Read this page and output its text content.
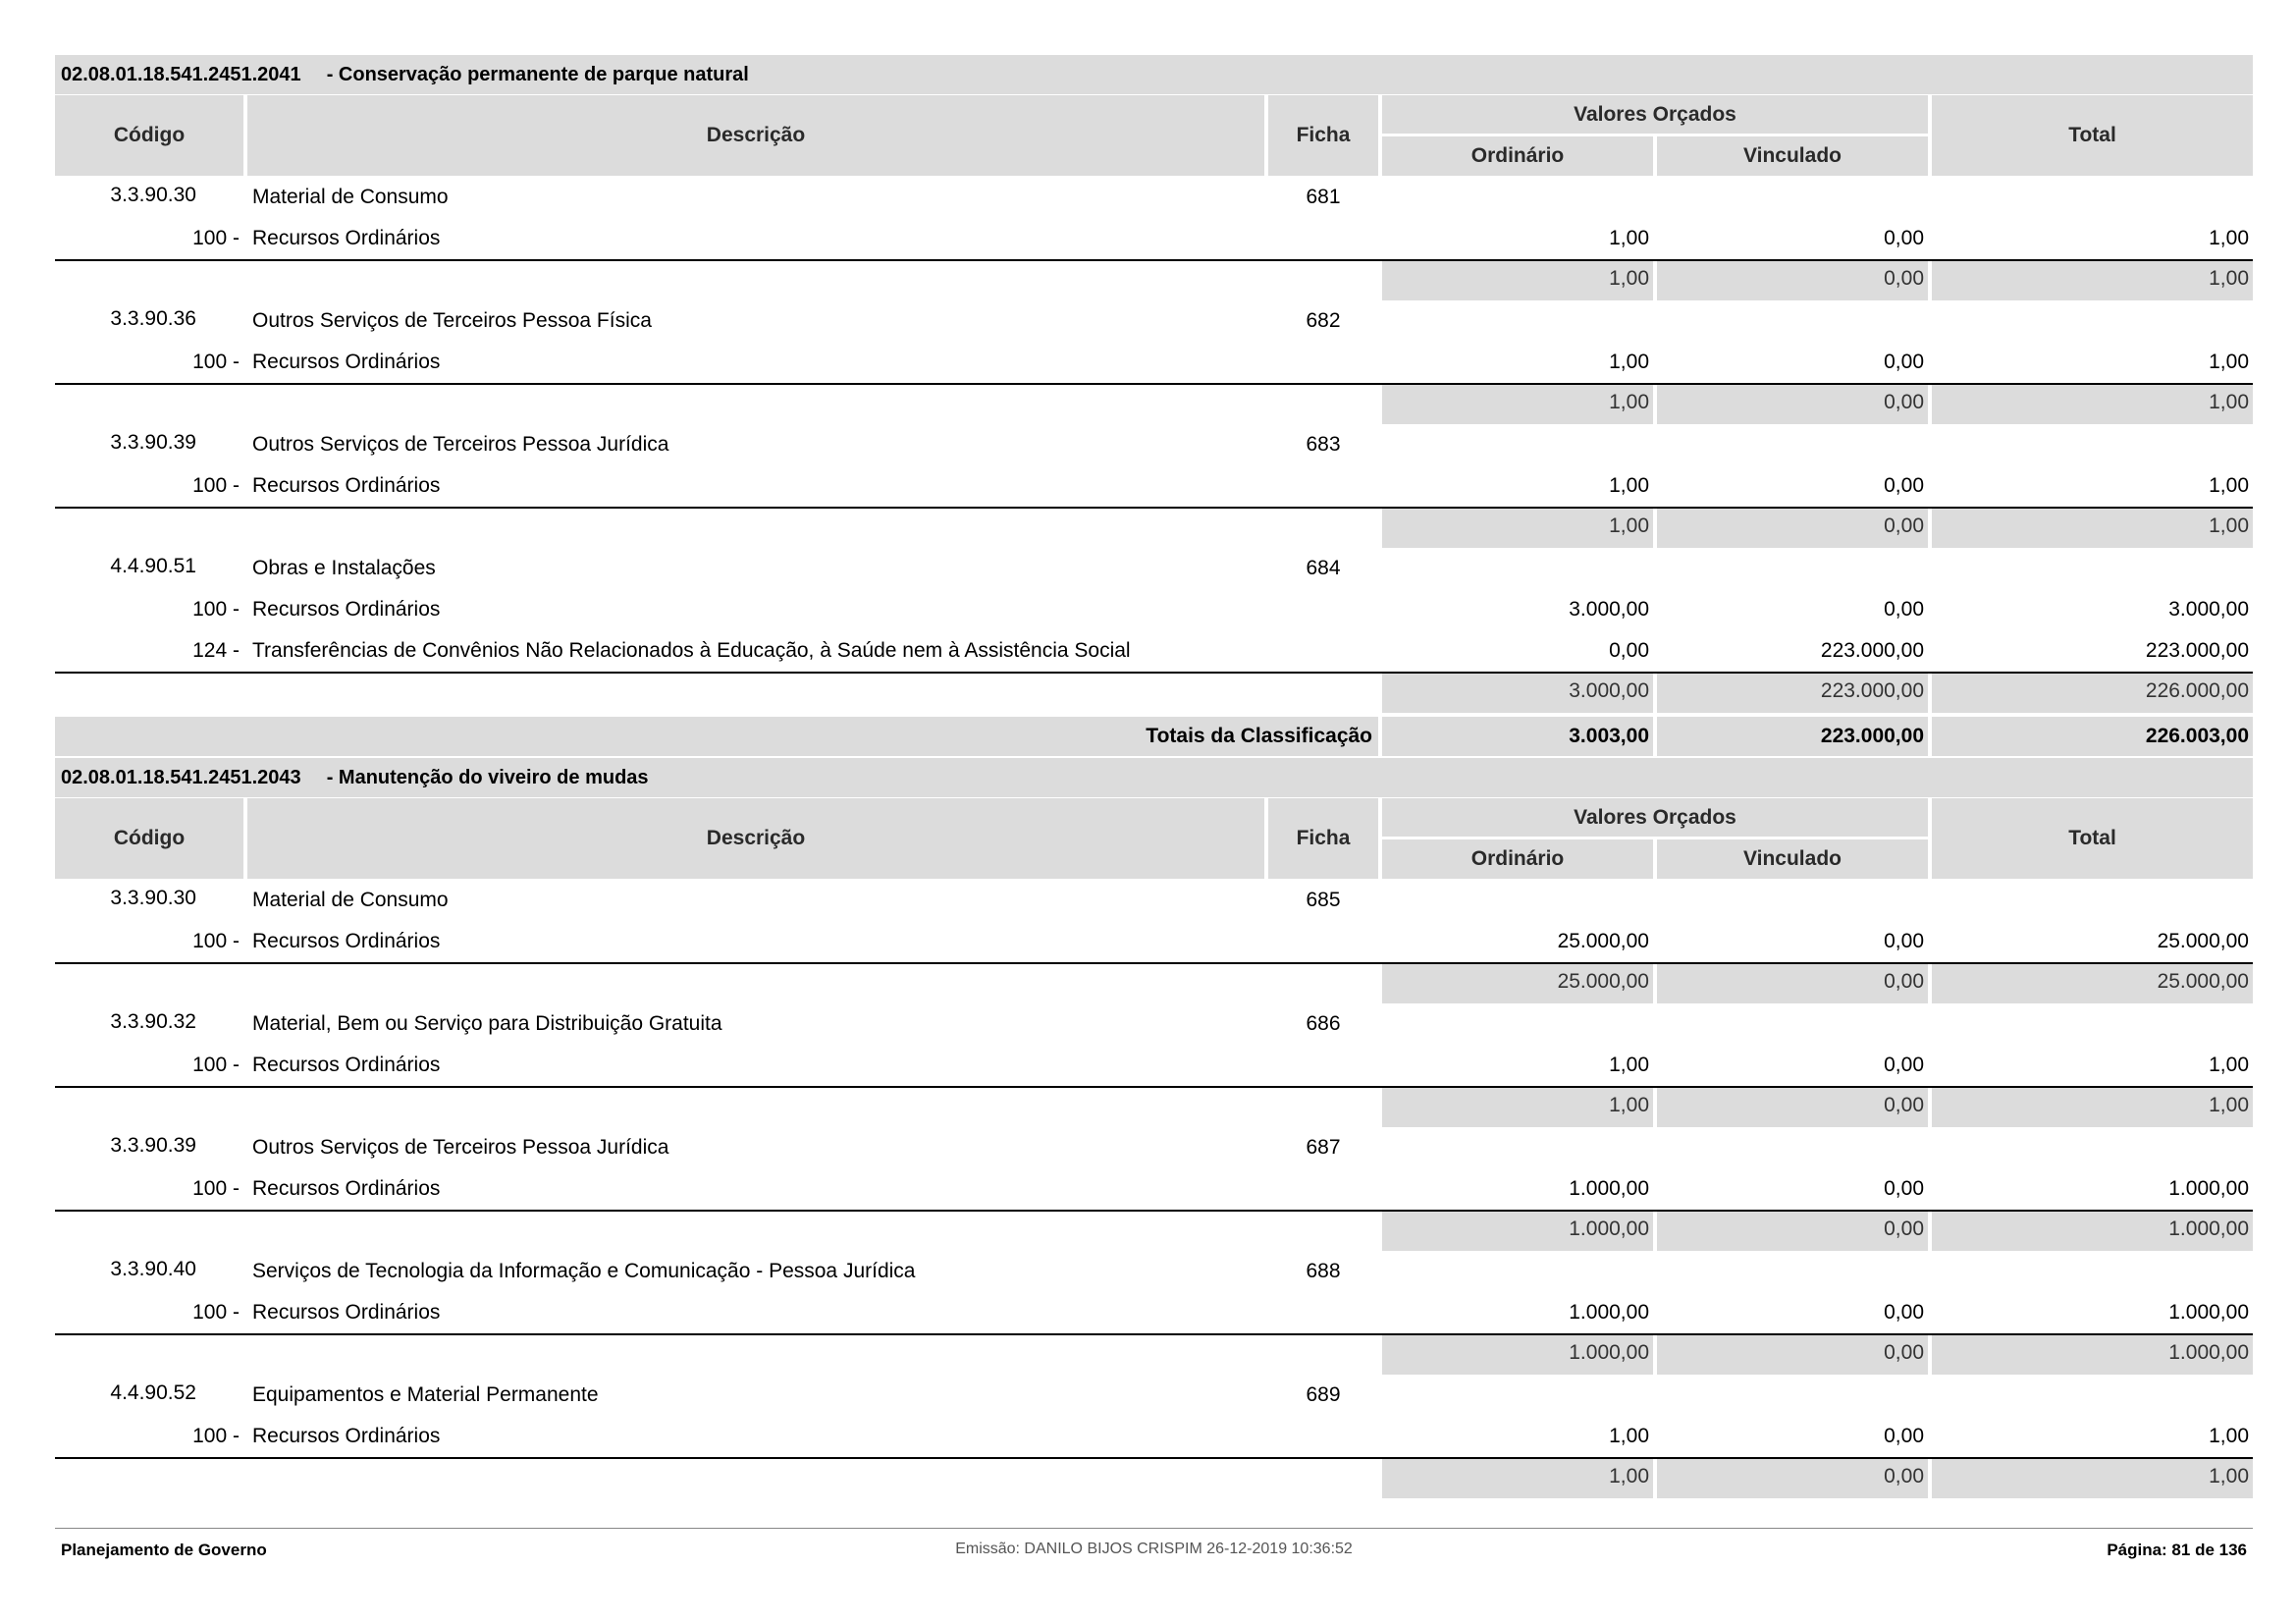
02.08.01.18.541.2451.2041 - Conservação permanente de parque natural
Código	Descrição	Ficha
Valores Orçados
Ordinário	Vinculado
Total
3.3.90.30	Material de Consumo	681
100 - Recursos Ordinários	1,00	0,00	1,00
1,00	0,00	1,00
3.3.90.36	Outros Serviços de Terceiros Pessoa Física	682
100 - Recursos Ordinários	1,00	0,00	1,00
1,00	0,00	1,00
3.3.90.39	Outros Serviços de Terceiros Pessoa Jurídica	683
100 - Recursos Ordinários	1,00	0,00	1,00
1,00	0,00	1,00
4.4.90.51	Obras e Instalações	684
100 - Recursos Ordinários	3.000,00	0,00	3.000,00
124 - Transferências de Convênios Não Relacionados à Educação, à Saúde nem à Assistência Social	0,00	223.000,00	223.000,00
3.000,00	223.000,00	226.000,00
Totais da Classificação	3.003,00	223.000,00	226.003,00
02.08.01.18.541.2451.2043 - Manutenção do viveiro de mudas
Código	Descrição	Ficha
Valores Orçados
Ordinário	Vinculado
Total
3.3.90.30	Material de Consumo	685
100 - Recursos Ordinários	25.000,00	0,00	25.000,00
25.000,00	0,00	25.000,00
3.3.90.32	Material, Bem ou Serviço para Distribuição Gratuita	686
100 - Recursos Ordinários	1,00	0,00	1,00
1,00	0,00	1,00
3.3.90.39	Outros Serviços de Terceiros Pessoa Jurídica	687
100 - Recursos Ordinários	1.000,00	0,00	1.000,00
1.000,00	0,00	1.000,00
3.3.90.40	Serviços de Tecnologia da Informação e Comunicação - Pessoa Jurídica	688
100 - Recursos Ordinários	1.000,00	0,00	1.000,00
1.000,00	0,00	1.000,00
4.4.90.52	Equipamentos e Material Permanente	689
100 - Recursos Ordinários	1,00	0,00	1,00
1,00	0,00	1,00
Planejamento de Governo	Emissão: DANILO BIJOS CRISPIM 26-12-2019 10:36:52	Página: 81 de 136
